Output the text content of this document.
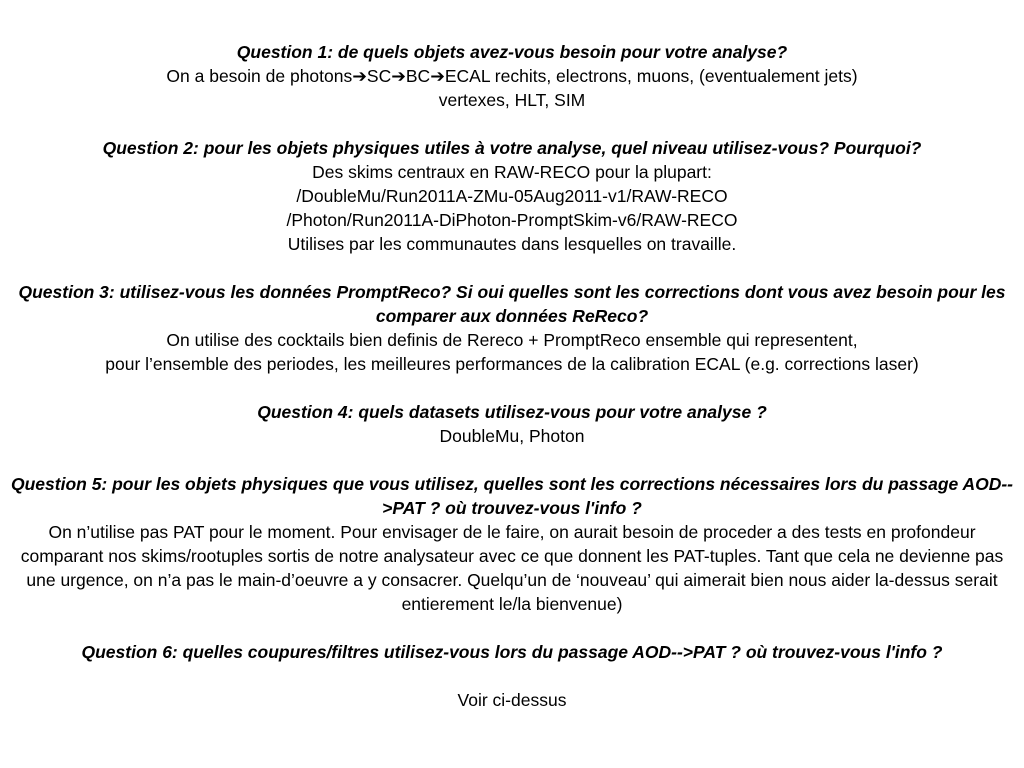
Question 1: de quels objets avez-vous besoin pour votre analyse?
On a besoin de photons➔SC➔BC➔ECAL rechits, electrons, muons, (eventualement jets)
vertexes, HLT, SIM
Question 2: pour les objets physiques utiles à votre analyse, quel niveau utilisez-vous? Pourquoi?
Des skims centraux en RAW-RECO pour la plupart:
/DoubleMu/Run2011A-ZMu-05Aug2011-v1/RAW-RECO
/Photon/Run2011A-DiPhoton-PromptSkim-v6/RAW-RECO
Utilises par les communautes dans lesquelles on travaille.
Question 3: utilisez-vous les données PromptReco? Si oui quelles sont les corrections dont vous avez besoin pour les comparer aux données ReReco?
On utilise des cocktails bien definis de Rereco + PromptReco ensemble qui representent,
pour l’ensemble des periodes, les meilleures performances de la calibration ECAL (e.g. corrections laser)
Question 4: quels datasets utilisez-vous pour votre analyse ?
DoubleMu, Photon
Question 5: pour les objets physiques que vous utilisez, quelles sont les corrections nécessaires lors du passage AOD-->PAT ? où trouvez-vous l'info ?
On n’utilise pas PAT pour le moment. Pour envisager de le faire, on aurait besoin de proceder a des tests en profondeur comparant nos skims/rootuples sortis de notre analysateur avec ce que donnent les PAT-tuples. Tant que cela ne devienne pas une urgence, on n’a pas le main-d’oeuvre a y consacrer. Quelqu’un de ‘nouveau’ qui aimerait bien nous aider la-dessus serait entierement le/la bienvenue)
Question 6: quelles coupures/filtres utilisez-vous lors du passage AOD-->PAT ? où trouvez-vous l'info ?
Voir ci-dessus
